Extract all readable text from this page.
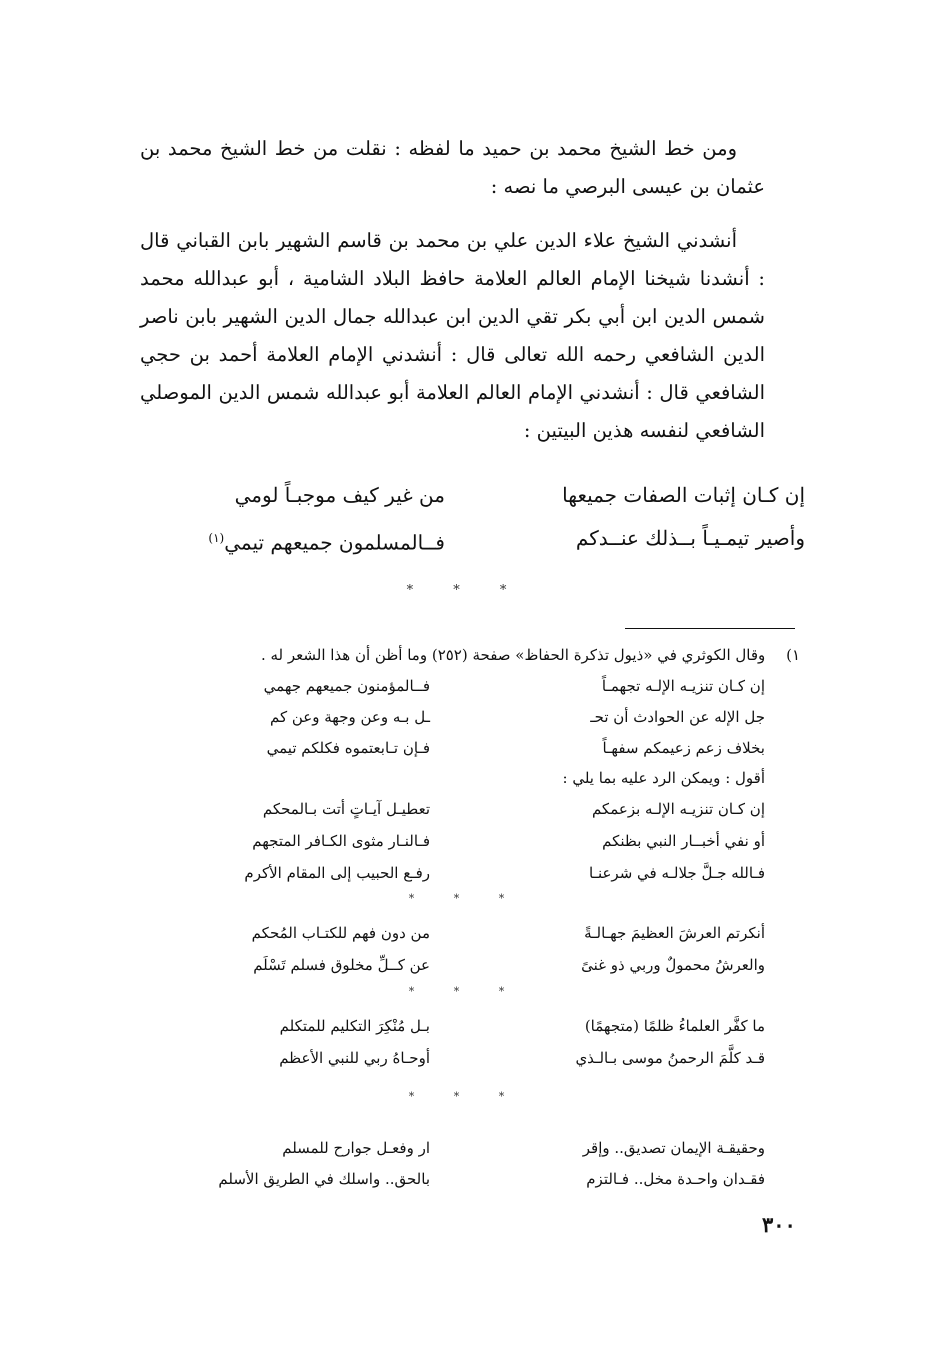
ومن خط الشيخ محمد بن حميد ما لفظه : نقلت من خط الشيخ محمد بن عثمان بن عيسى البرصي ما نصه :
أنشدني الشيخ علاء الدين علي بن محمد بن قاسم الشهير بابن القباني قال : أنشدنا شيخنا الإمام العالم العلامة حافظ البلاد الشامية ، أبو عبدالله محمد شمس الدين ابن أبي بكر تقي الدين ابن عبدالله جمال الدين الشهير بابن ناصر الدين الشافعي رحمه الله تعالى قال : أنشدني الإمام العلامة أحمد بن حجي الشافعي قال : أنشدني الإمام العالم العلامة أبو عبدالله شمس الدين الموصلي الشافعي لنفسه هذين البيتين :
إن كـان إثبات الصفات جميعها
من غير كيف موجبـاً لومي
وأصير تيمـيـاً بــذلك عنــدكم
فــالمسلمون جميعهم تيمي$^{(١)}$
* * *
١) وقال الكوثري في «ذيول تذكرة الحفاظ» صفحة (٢٥٢) وما أظن أن هذا الشعر له .
إن كـان تنزيـه الإلـه تجهمـاً
فــالمؤمنون جميعهم جهمي
جل الإله عن الحوادث أن تحـ
ـل بـه وعن وجهة وعن كم
بخلاف زعم زعيمكم سفهـاً
فـإن تـابعتموه فكلكم تيمي
أقول : ويمكن الرد عليه بما يلي :
إن كـان تنزيـه الإلـه بزعمكم
تعطيـل آيـاتٍ أتت بـالمحكم
أو نفي أخبــار النبي بظنكم
فـالنـار مثوى الكـافر المتجهم
فـالله جـلَّ جلالـه في شرعنـا
رفـع الحبيب إلى المقام الأكرم
* * *
أنكرتم العرشَ العظيمَ جهـالـةً
من دون فهم للكتـاب المُحكم
والعرشُ محمولٌ وربي ذو غنىً
عن كــلِّ مخلوق فسلم تَسْلَم
* * *
ما كفَّر العلماءُ ظلمًا (متجهمًا)
بـل مُنْكِرَ التكليم للمتكلم
قـد كلَّمَ الرحمنُ موسى بـالـذي
أوحـاهُ ربي للنبي الأعظم
* * *
وحقيقـة الإيمان تصديق.. وإقر
ار وفعـل جوارح للمسلم
فقـدان واحـدة مخل.. فـالتزم
بالحق.. واسلك في الطريق الأسلم
٣٠٠
